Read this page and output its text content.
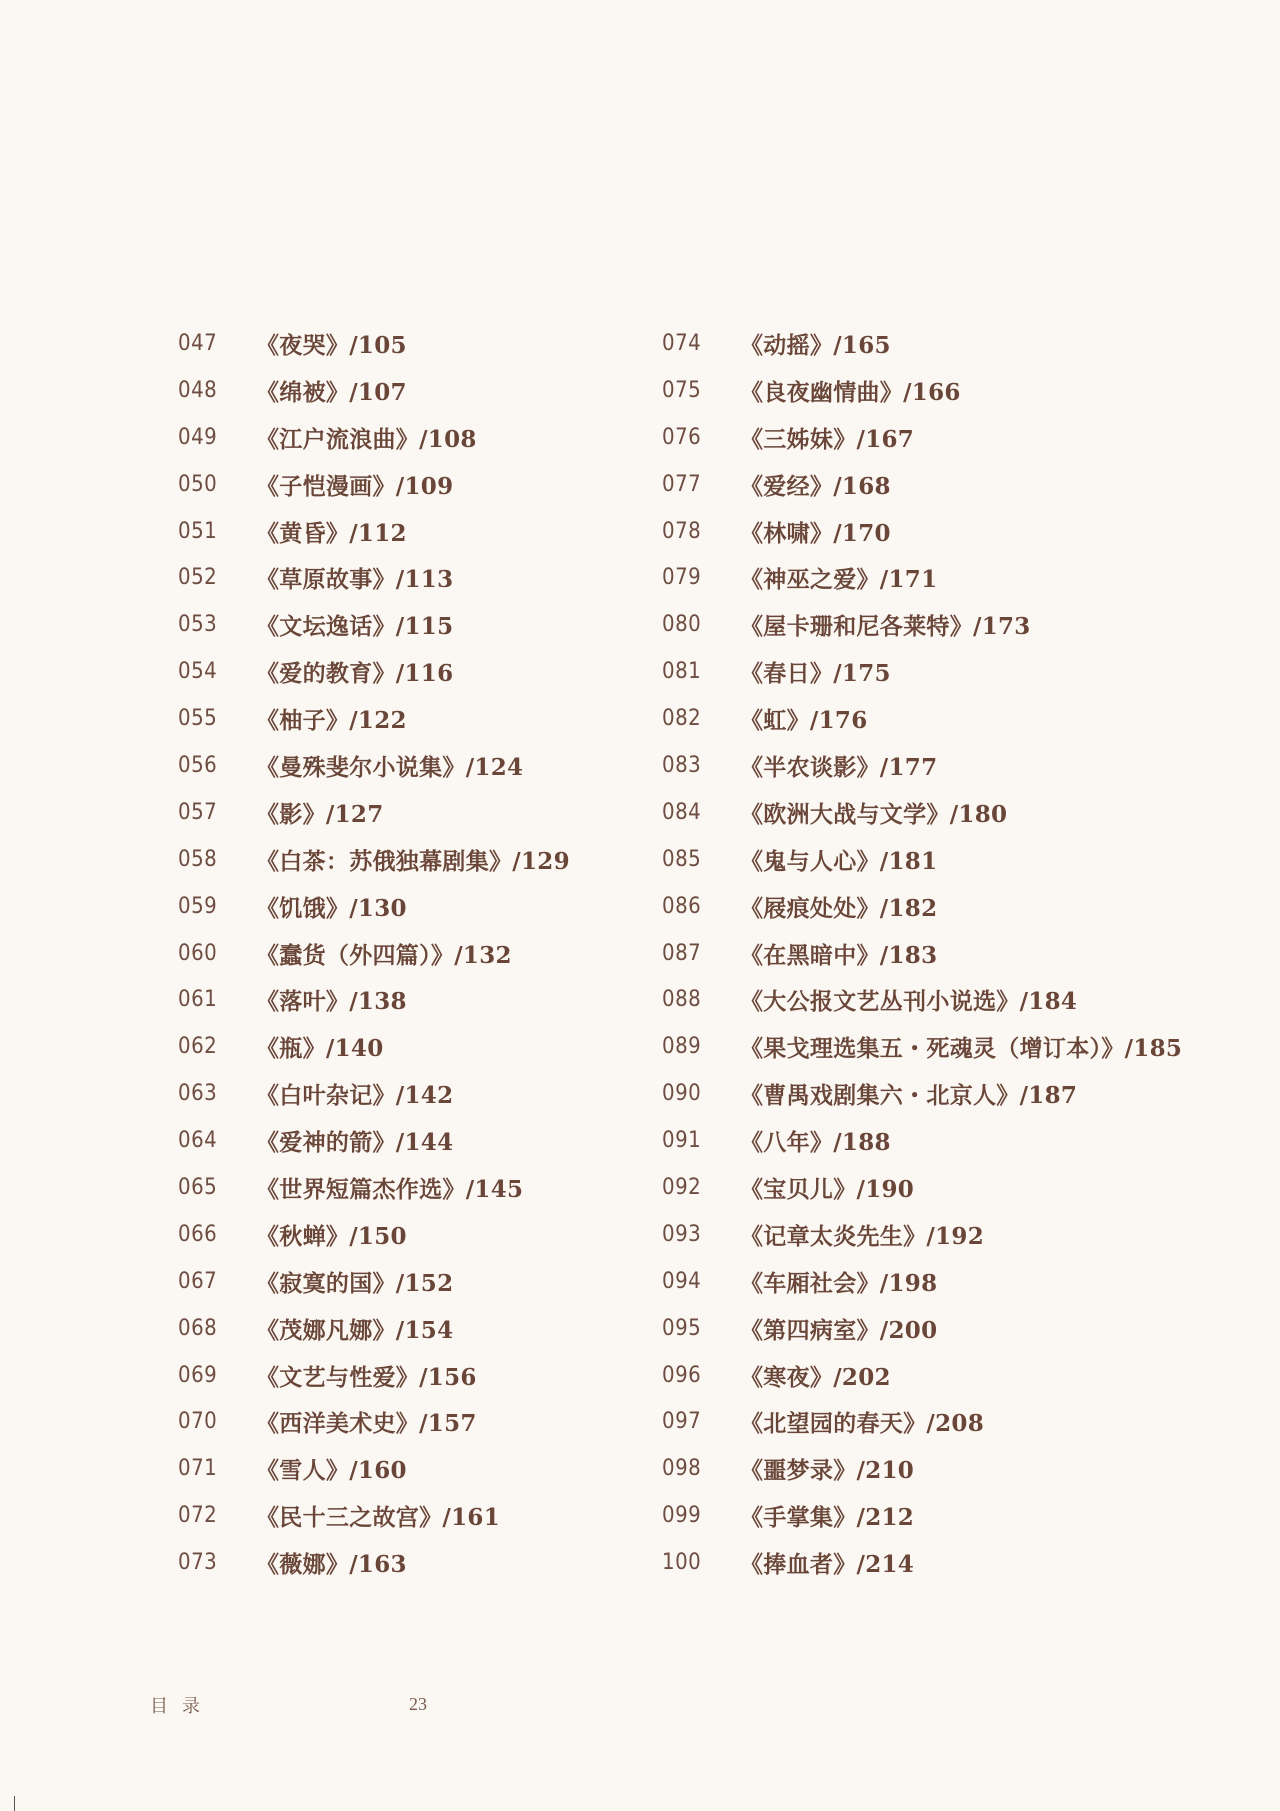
047	《夜哭》/105
048	《绵被》/107
049	《江户流浪曲》/108
050	《子恺漫画》/109
051	《黄昏》/112
052	《草原故事》/113
053	《文坛逸话》/115
054	《爱的教育》/116
055	《柚子》/122
056	《曼殊斐尔小说集》/124
057	《影》/127
058	《白茶：苏俄独幕剧集》/129
059	《饥饿》/130
060	《蠢货（外四篇）》/132
061	《落叶》/138
062	《瓶》/140
063	《白叶杂记》/142
064	《爱神的箭》/144
065	《世界短篇杰作选》/145
066	《秋蝉》/150
067	《寂寞的国》/152
068	《茂娜凡娜》/154
069	《文艺与性爱》/156
070	《西洋美术史》/157
071	《雪人》/160
072	《民十三之故宫》/161
073	《薇娜》/163
074	《动摇》/165
075	《良夜幽情曲》/166
076	《三姊妹》/167
077	《爱经》/168
078	《林啸》/170
079	《神巫之爱》/171
080	《屋卡珊和尼各莱特》/173
081	《春日》/175
082	《虹》/176
083	《半农谈影》/177
084	《欧洲大战与文学》/180
085	《鬼与人心》/181
086	《屐痕处处》/182
087	《在黑暗中》/183
088	《大公报文艺丛刊小说选》/184
089	《果戈理选集五・死魂灵（增订本）》/185
090	《曹禺戏剧集六・北京人》/187
091	《八年》/188
092	《宝贝儿》/190
093	《记章太炎先生》/192
094	《车厢社会》/198
095	《第四病室》/200
096	《寒夜》/202
097	《北望园的春天》/208
098	《噩梦录》/210
099	《手掌集》/212
100	《捧血者》/214
目录	23
